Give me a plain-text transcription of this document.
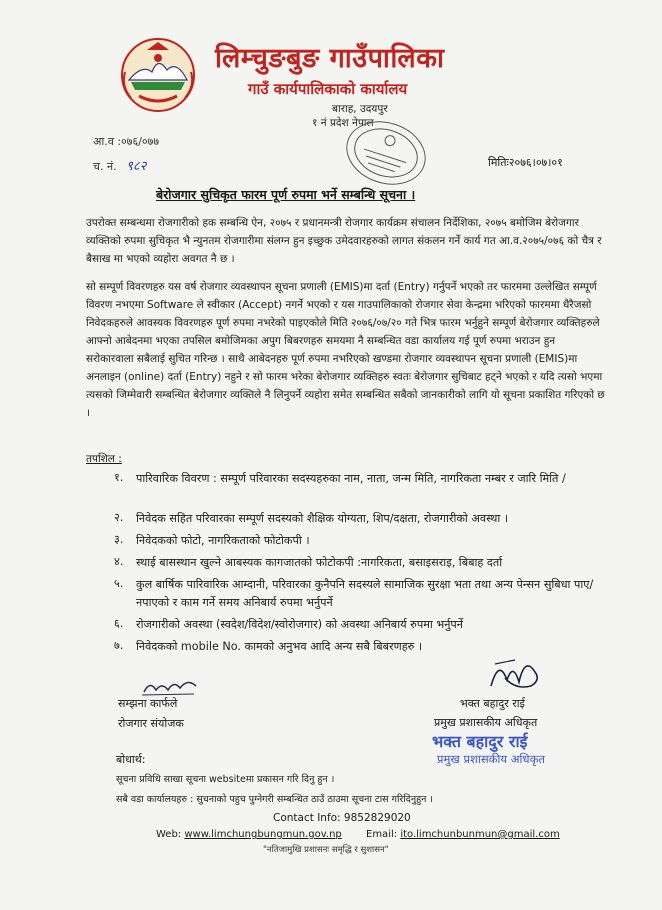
लिम्चुङबुङ गाउँपालिका
गाउँ कार्यपालिकाको कार्यालय
बाराह, उदयपुर
१ नं प्रदेश नेपाल
आ.व :०७६/०७७
च. नं. ९८२	मितिः२०७६।०७।०१
बेरोजगार सुचिकृत फारम पूर्ण रुपमा भर्ने सम्बन्धि सूचना ।
उपरोक्त सम्बन्धमा रोजगारीको हक सम्बन्धि ऐन, २०७५ र प्रधानमन्त्री रोजगार कार्यक्रम संचालन निर्देशिका, २०७५ बमोजिम बेरोजगार व्यक्तिको रुपमा सुचिकृत भै न्युनतम रोजगारीमा संलग्न हुन इच्छुक उमेदवारहरुको लागत संकलन गर्ने कार्य गत आ.व.२०७५/०७६ को चैत्र र बैसाख मा भएको व्यहोरा अवगत नै छ ।
सो सम्पूर्ण विवरणहरु यस वर्ष रोजगार व्यवस्थापन सूचना प्रणाली (EMIS)मा दर्ता (Entry) गर्नुपर्ने भएको तर फारममा उल्लेखित सम्पूर्ण विवरण नभएमा Software ले स्वीकार (Accept) नगर्ने भएको र यस गाउपालिकाको रोजगार सेवा केन्द्रमा भरिएको फारममा धैरैजसो निवेदकहरुले आवस्यक विवरणहरु पूर्ण रुपमा नभरेको पाइएकोले मिति २०७६/०७/२० गते भित्र फारम भर्नुहुने सम्पूर्ण बेरोजगार व्यक्तिहरुले आफ्नो आबेदनमा भएका तपसिल बमोजिमका अपुग बिबरणहरु समयमा नै सम्बन्धित वडा कार्यालय गई पूर्ण रुपमा भराउन हुन सरोकारवाला सबैलाई सुचित गरिन्छ । साथै आबेदनहरु पूर्ण रुपमा नभरिएको खण्डमा रोजगार व्यवस्थापन सूचना प्रणाली (EMIS)मा अनलाइन (online) दर्ता (Entry) नहुने र सो फारम भरेका बेरोजगार व्यक्तिहरु स्वतः बेरोजगार सुचिबाट हट्ने भएको र यदि त्यसो भएमा त्यसको जिम्मेवारी सम्बन्धित बेरोजगार व्यक्तिले नै लिनुपर्ने व्यहोरा समेत सम्बन्धित सबैको जानकारीको लागि यो सूचना प्रकाशित गरिएको छ ।
तपशिल :
१. पारिवारिक विवरण : सम्पूर्ण परिवारका सदस्यहरुका नाम, नाता, जन्म मिति, नागरिकता नम्बर र जारि मिति /
२. निवेदक सहित परिवारका सम्पूर्ण सदस्यको शैक्षिक योग्यता, शिप/दक्षता, रोजगारीको अवस्था ।
३. निवेदकको फोटो, नागरिकताको फोटोकपी ।
४. स्थाई बासस्थान खुल्ने आबस्यक कागजातको फोटोकपी :नागरिकता, बसाइसराइ, बिबाह दर्ता
५. कुल बार्षिक पारिवारिक आम्दानी, परिवारका कुनैपनि सदस्यले सामाजिक सुरक्षा भता तथा अन्य पेन्सन सुबिधा पाए/नपाएको र काम गर्ने समय अनिबार्य रुपमा भर्नुपर्ने
६. रोजगारीको अवस्था (स्वदेश/विदेश/स्वोरोजगार) को अवस्था अनिबार्य रुपमा भर्नुपर्ने
७. निवेदकको mobile No. कामको अनुभव आदि अन्य सबै बिबरणहरु ।
सम्झना कार्फले
रोजगार संयोजक
भक्त बहादुर राई
प्रमुख प्रशासकीय अधिकृत
भक्त बहादुर राई
प्रमुख प्रशासकीय अधिकृत
बोधार्थ:
सूचना प्रविधि साखा सूचना websiteमा प्रकासन गरि दिनु हुन ।
सबै वडा कार्यालयहरु : सुचनाको पहुच पुग्नेगरी सम्बन्धित ठाउँ ठाउमा सूचना टास गरिदिनुहुन ।
Contact Info: 9852829020
Web: www.limchungbungmun.gov.np Email: ito.limchunbunmun@gmail.com
"नतिजामुखि प्रशासनः समृद्धि र सुशासन"
